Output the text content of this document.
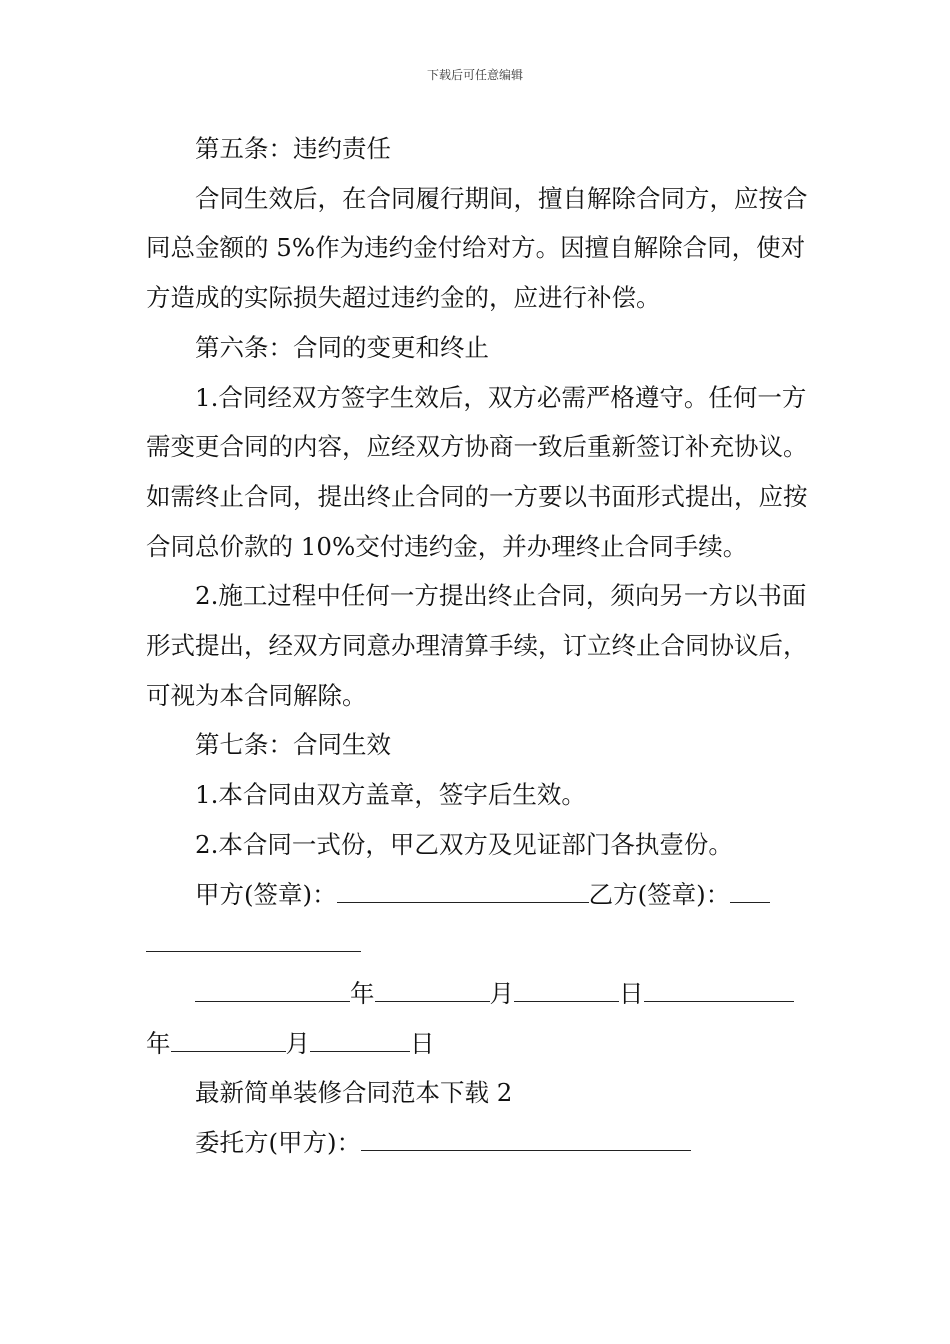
下载后可任意编辑

第五条：违约责任

合同生效后，在合同履行期间，擅自解除合同方，应按合同总金额的 5%作为违约金付给对方。因擅自解除合同，使对方造成的实际损失超过违约金的，应进行补偿。

第六条：合同的变更和终止

1.合同经双方签字生效后，双方必需严格遵守。任何一方需变更合同的内容，应经双方协商一致后重新签订补充协议。如需终止合同，提出终止合同的一方要以书面形式提出，应按合同总价款的 10%交付违约金，并办理终止合同手续。

2.施工过程中任何一方提出终止合同，须向另一方以书面形式提出，经双方同意办理清算手续，订立终止合同协议后，可视为本合同解除。

第七条：合同生效

1.本合同由双方盖章，签字后生效。

2.本合同一式份，甲乙双方及见证部门各执壹份。

甲方(签章)：	乙方(签章)：

年	月	日

年	月	日

最新简单装修合同范本下载 2

委托方(甲方)：
